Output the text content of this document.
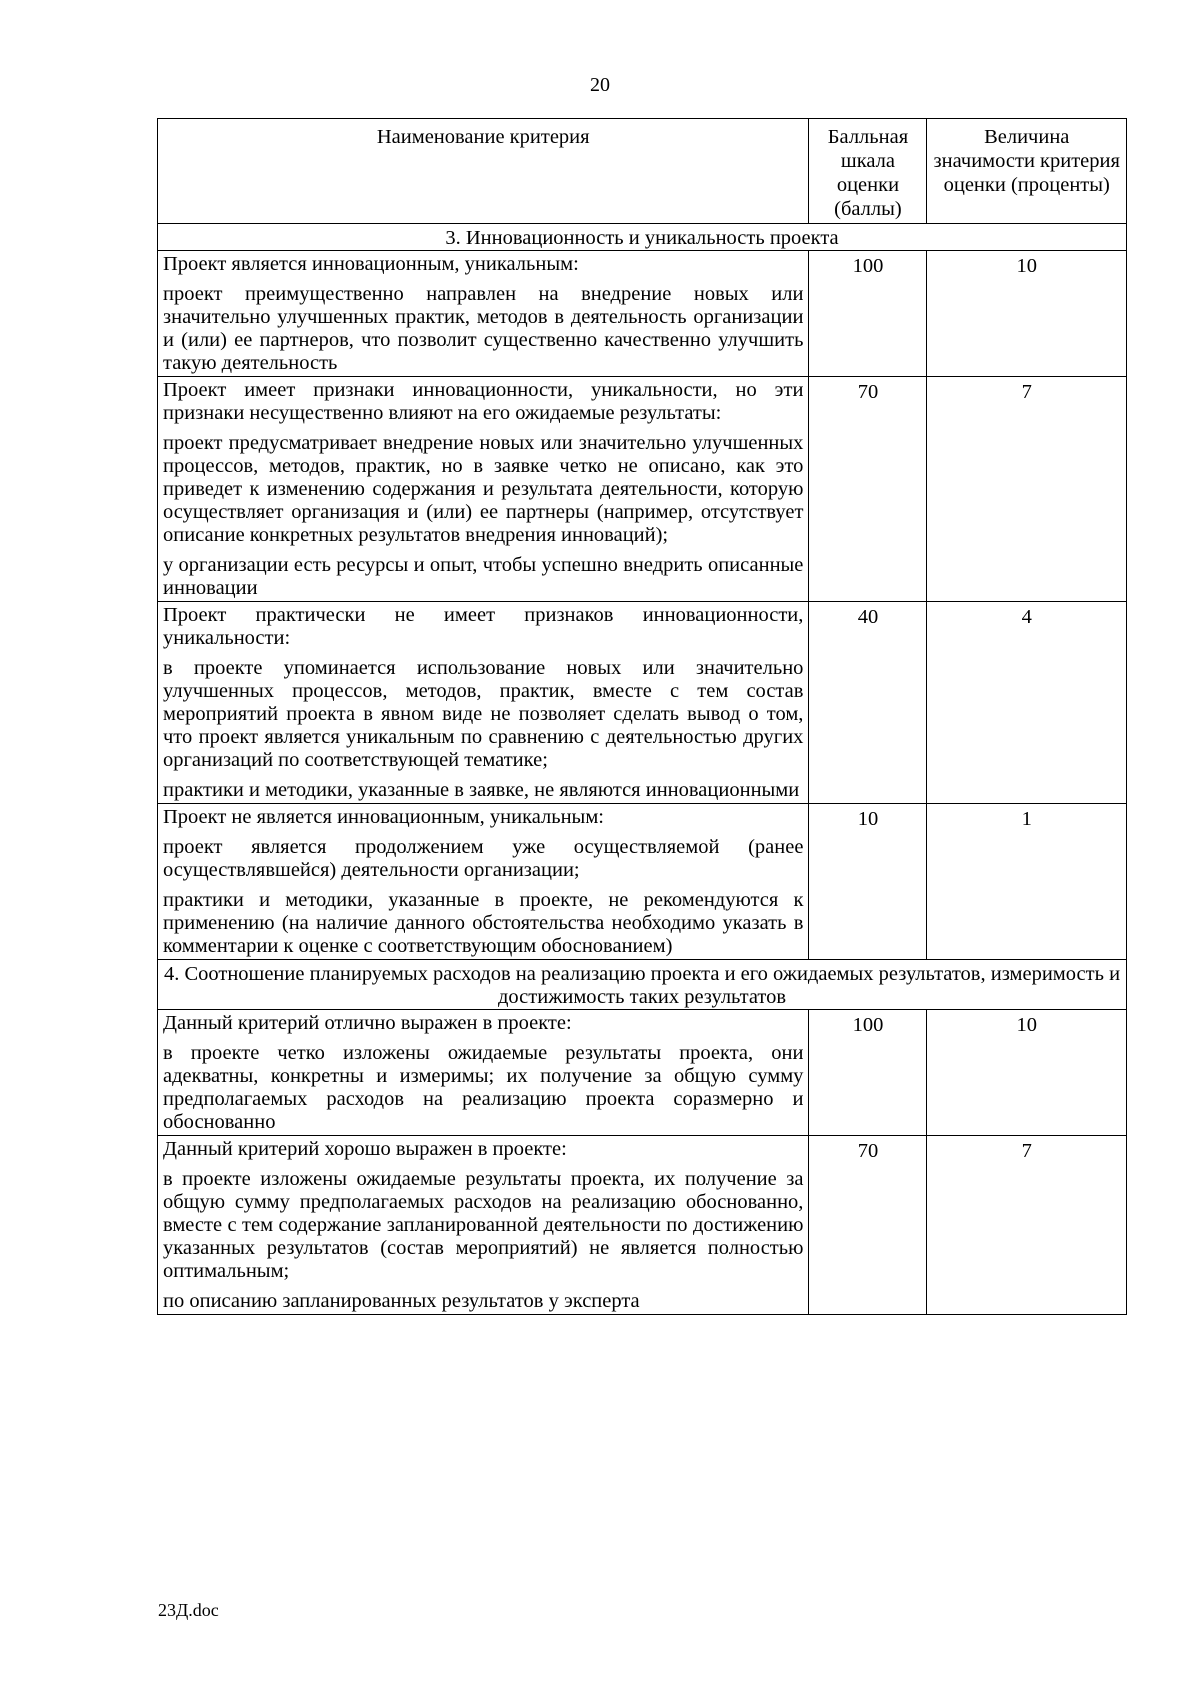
20
Наименование критерия	Балльная шкала оценки (баллы)	Величина значимости критерия оценки (проценты)
3. Инновационность и уникальность проекта		

Проект является инновационным, уникальным:

проект преимущественно направлен на внедрение новых или значительно улучшенных практик, методов в деятельность организации и (или) ее партнеров, что позволит существенно качественно улучшить такую деятельность	100	10

Проект имеет признаки инновационности, уникальности, но эти признаки несущественно влияют на его ожидаемые результаты:

проект предусматривает внедрение новых или значительно улучшенных процессов, методов, практик, но в заявке четко не описано, как это приведет к изменению содержания и результата деятельности, которую осуществляет организация и (или) ее партнеры (например, отсутствует описание конкретных результатов внедрения инноваций);

у организации есть ресурсы и опыт, чтобы успешно внедрить описанные инновации	70	7

Проект практически не имеет признаков инновационности, уникальности:

в проекте упоминается использование новых или значительно улучшенных процессов, методов, практик, вместе с тем состав мероприятий проекта в явном виде не позволяет сделать вывод о том, что проект является уникальным по сравнению с деятельностью других организаций по соответствующей тематике;

практики и методики, указанные в заявке, не являются инновационными	40	4

Проект не является инновационным, уникальным:

проект является продолжением уже осуществляемой (ранее осуществлявшейся) деятельности организации;

практики и методики, указанные в проекте, не рекомендуются к применению (на наличие данного обстоятельства необходимо указать в комментарии к оценке с соответствующим обоснованием)	10	1
4. Соотношение планируемых расходов на реализацию проекта и его ожидаемых результатов, измеримость и достижимость таких результатов		

Данный критерий отлично выражен в проекте:

в проекте четко изложены ожидаемые результаты проекта, они адекватны, конкретны и измеримы; их получение за общую сумму предполагаемых расходов на реализацию проекта соразмерно и обоснованно	100	10

Данный критерий хорошо выражен в проекте:

в проекте изложены ожидаемые результаты проекта, их получение за общую сумму предполагаемых расходов на реализацию обоснованно, вместе с тем содержание запланированной деятельности по достижению указанных результатов (состав мероприятий) не является полностью оптимальным;

по описанию запланированных результатов у эксперта	70	7
23Д.doc
